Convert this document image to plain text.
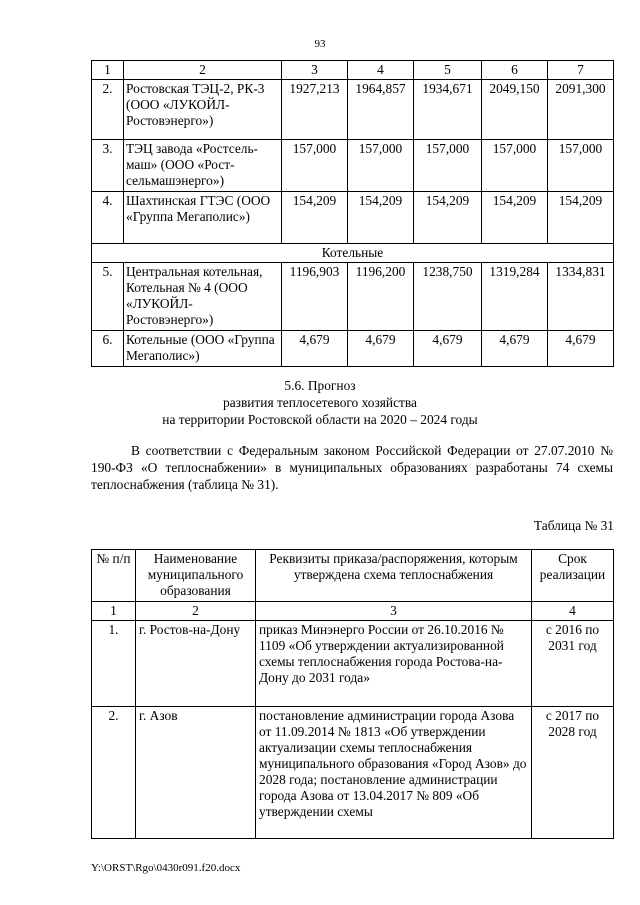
93
1	2	3	4	5	6	7
2.	Ростовская ТЭЦ-2, РК-3 (ООО «ЛУКОЙЛ-Ростовэнерго»)	1927,213	1964,857	1934,671	2049,150	2091,300
3.	ТЭЦ завода «Ростсель-маш» (ООО «Рост-сельмашэнерго»)	157,000	157,000	157,000	157,000	157,000
4.	Шахтинская ГТЭС (ООО «Группа Мегаполис»)	154,209	154,209	154,209	154,209	154,209
Котельные						
5.	Центральная котельная, Котельная № 4 (ООО «ЛУКОЙЛ-Ростовэнерго»)	1196,903	1196,200	1238,750	1319,284	1334,831
6.	Котельные (ООО «Группа Мегаполис»)	4,679	4,679	4,679	4,679	4,679
5.6. Прогноз
развития теплосетевого хозяйства
на территории Ростовской области на 2020 – 2024 годы
В соответствии с Федеральным законом Российской Федерации от 27.07.2010 № 190-ФЗ «О теплоснабжении» в муниципальных образованиях разработаны 74 схемы теплоснабжения (таблица № 31).
Таблица № 31
№ п/п	Наименование муниципального образования	Реквизиты приказа/распоряжения, которым утверждена схема теплоснабжения	Срок реализации
1	2	3	4
1.	г. Ростов-на-Дону	приказ Минэнерго России от 26.10.2016 № 1109 «Об утверждении актуализированной схемы теплоснабжения города Ростова-на-Дону до 2031 года»	с 2016 по 2031 год
2.	г. Азов	постановление администрации города Азова от 11.09.2014 № 1813 «Об утверждении актуализации схемы теплоснабжения муниципального образования «Город Азов» до 2028 года; постановление администрации города Азова от 13.04.2017 № 809 «Об утверждении схемы	с 2017 по 2028 год
Y:\ORST\Rgo\0430r091.f20.docx
